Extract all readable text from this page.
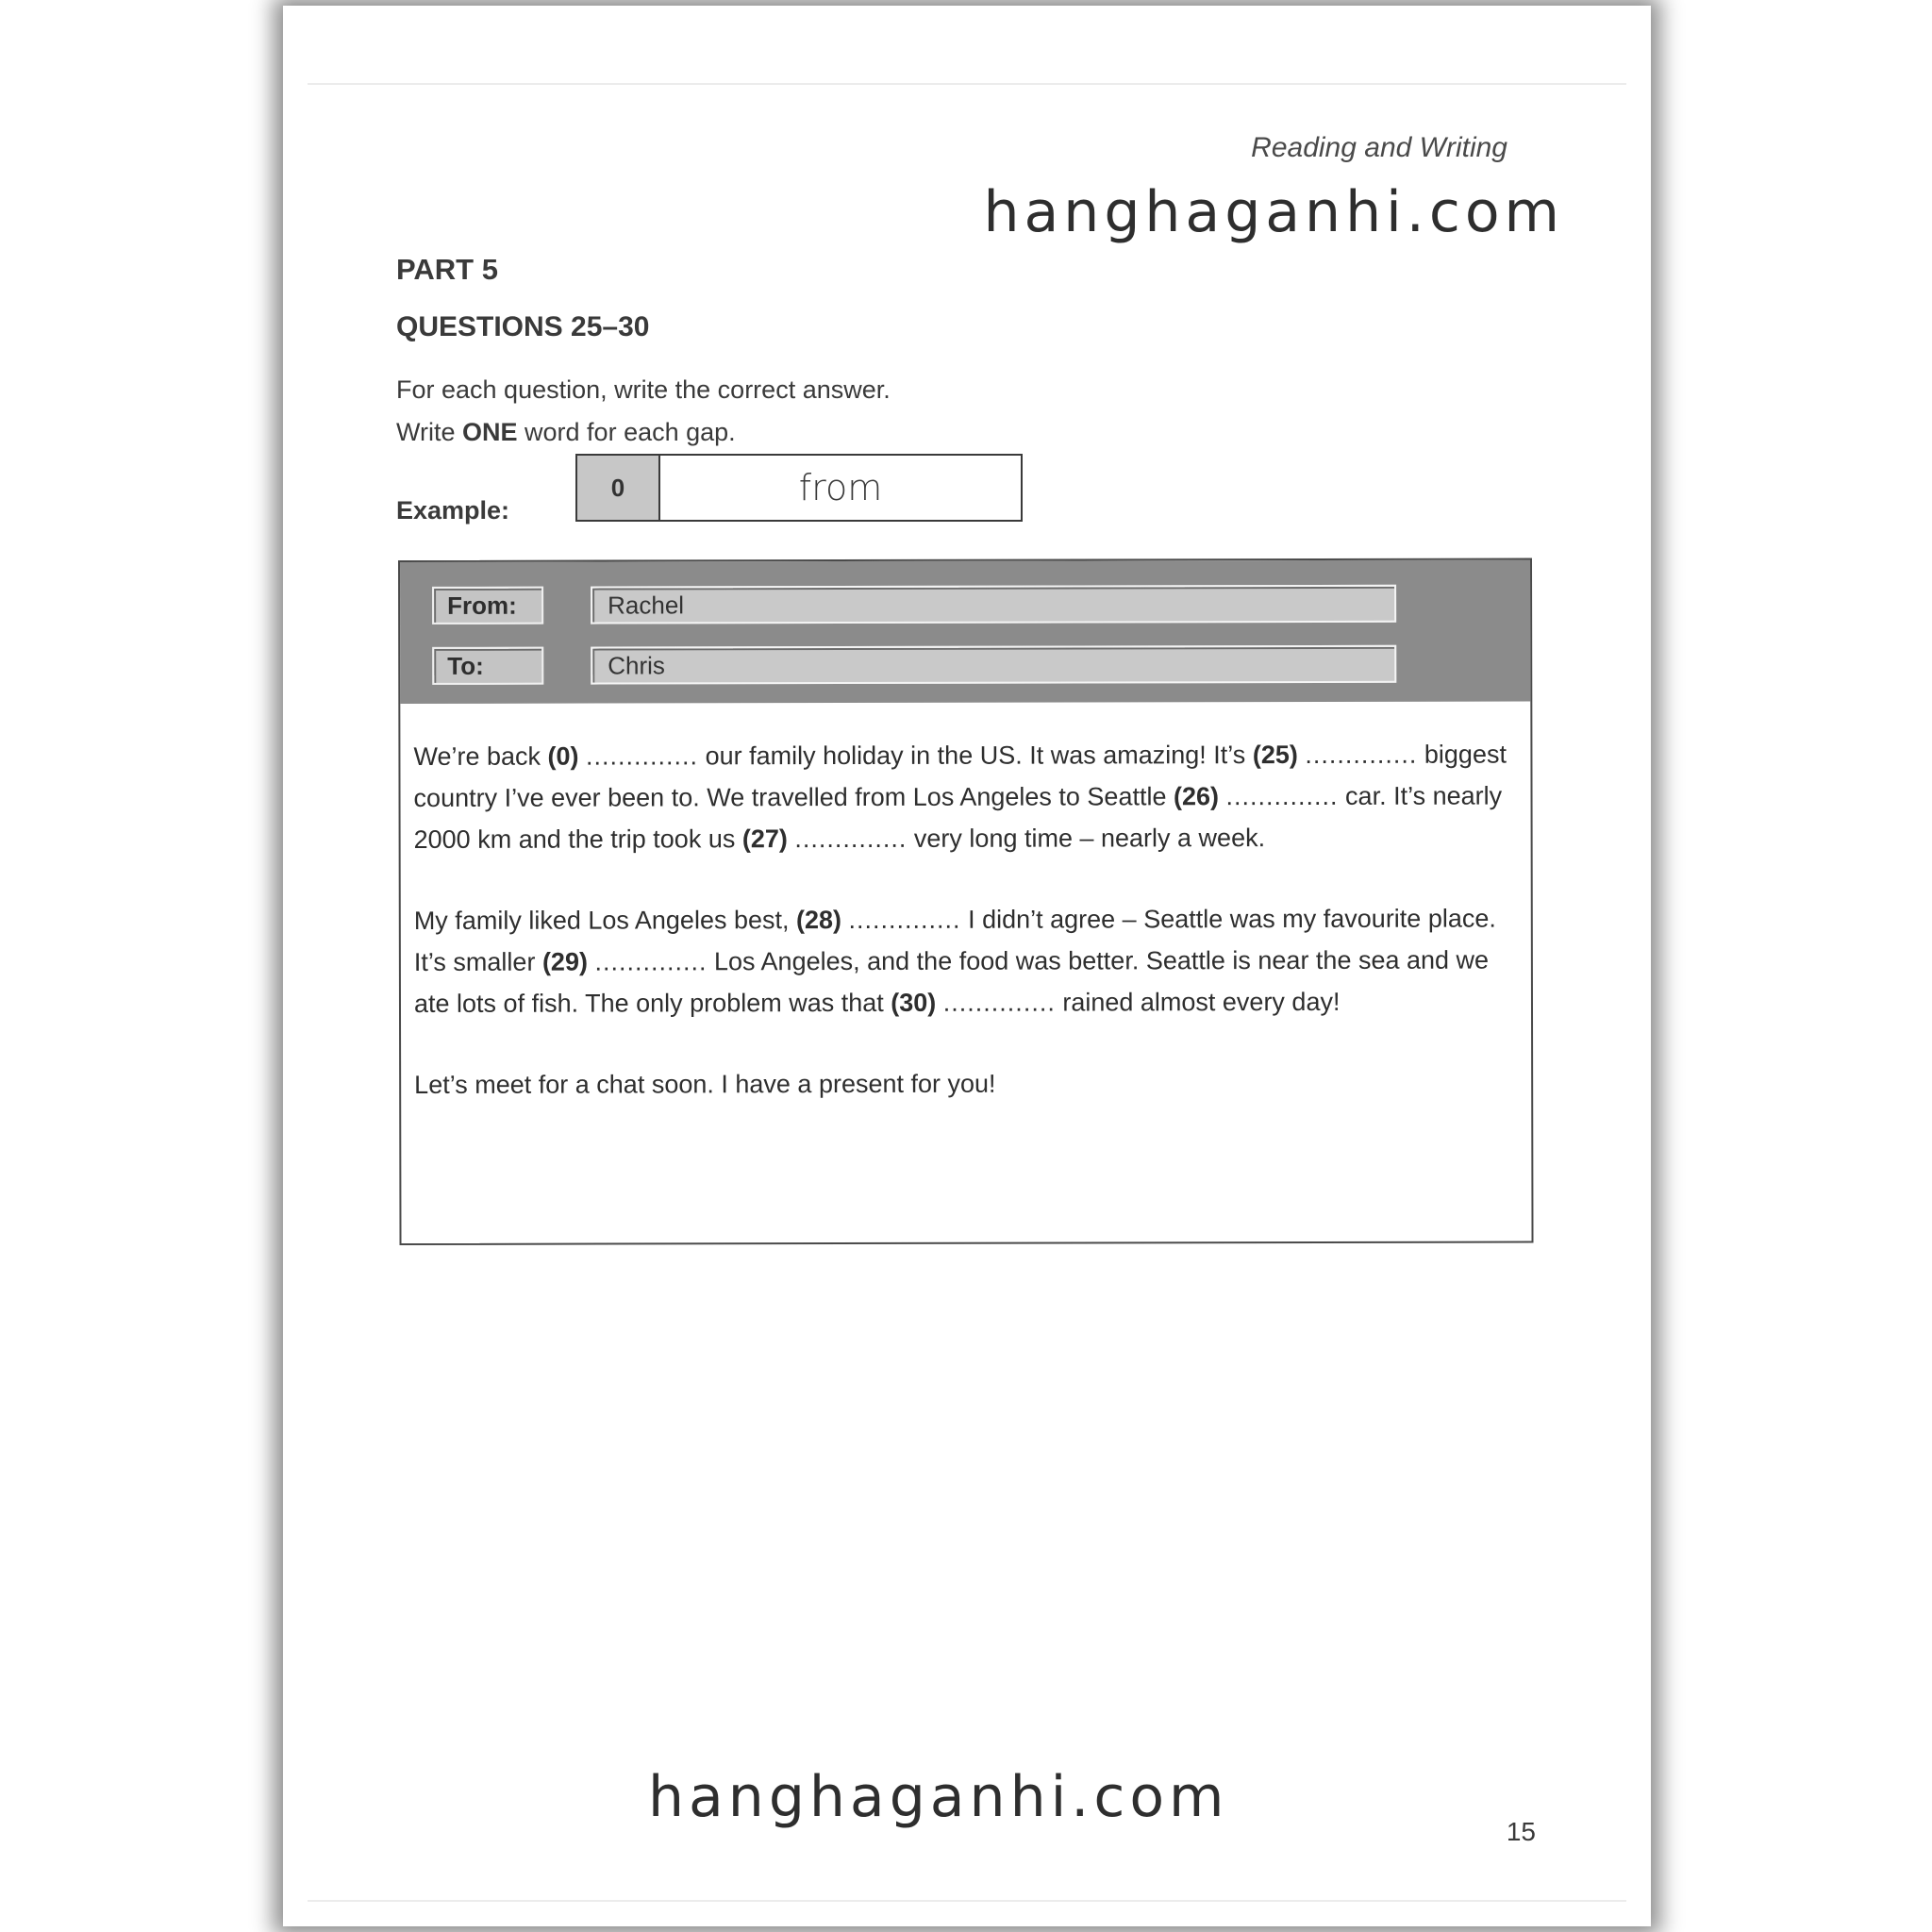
Reading and Writing
hanghaganhi.com
PART 5
QUESTIONS 25–30
For each question, write the correct answer.
Write ONE word for each gap.
Example:
0	from
From:	Rachel
To:	Chris

We’re back (0) .............. our family holiday in the US. It was amazing! It’s (25) .............. biggest country I’ve ever been to. We travelled from Los Angeles to Seattle (26) .............. car. It’s nearly 2000 km and the trip took us (27) .............. very long time – nearly a week.

My family liked Los Angeles best, (28) .............. I didn’t agree – Seattle was my favourite place. It’s smaller (29) .............. Los Angeles, and the food was better. Seattle is near the sea and we ate lots of fish. The only problem was that (30) .............. rained almost every day!

Let’s meet for a chat soon. I have a present for you!

hanghaganhi.com
15
